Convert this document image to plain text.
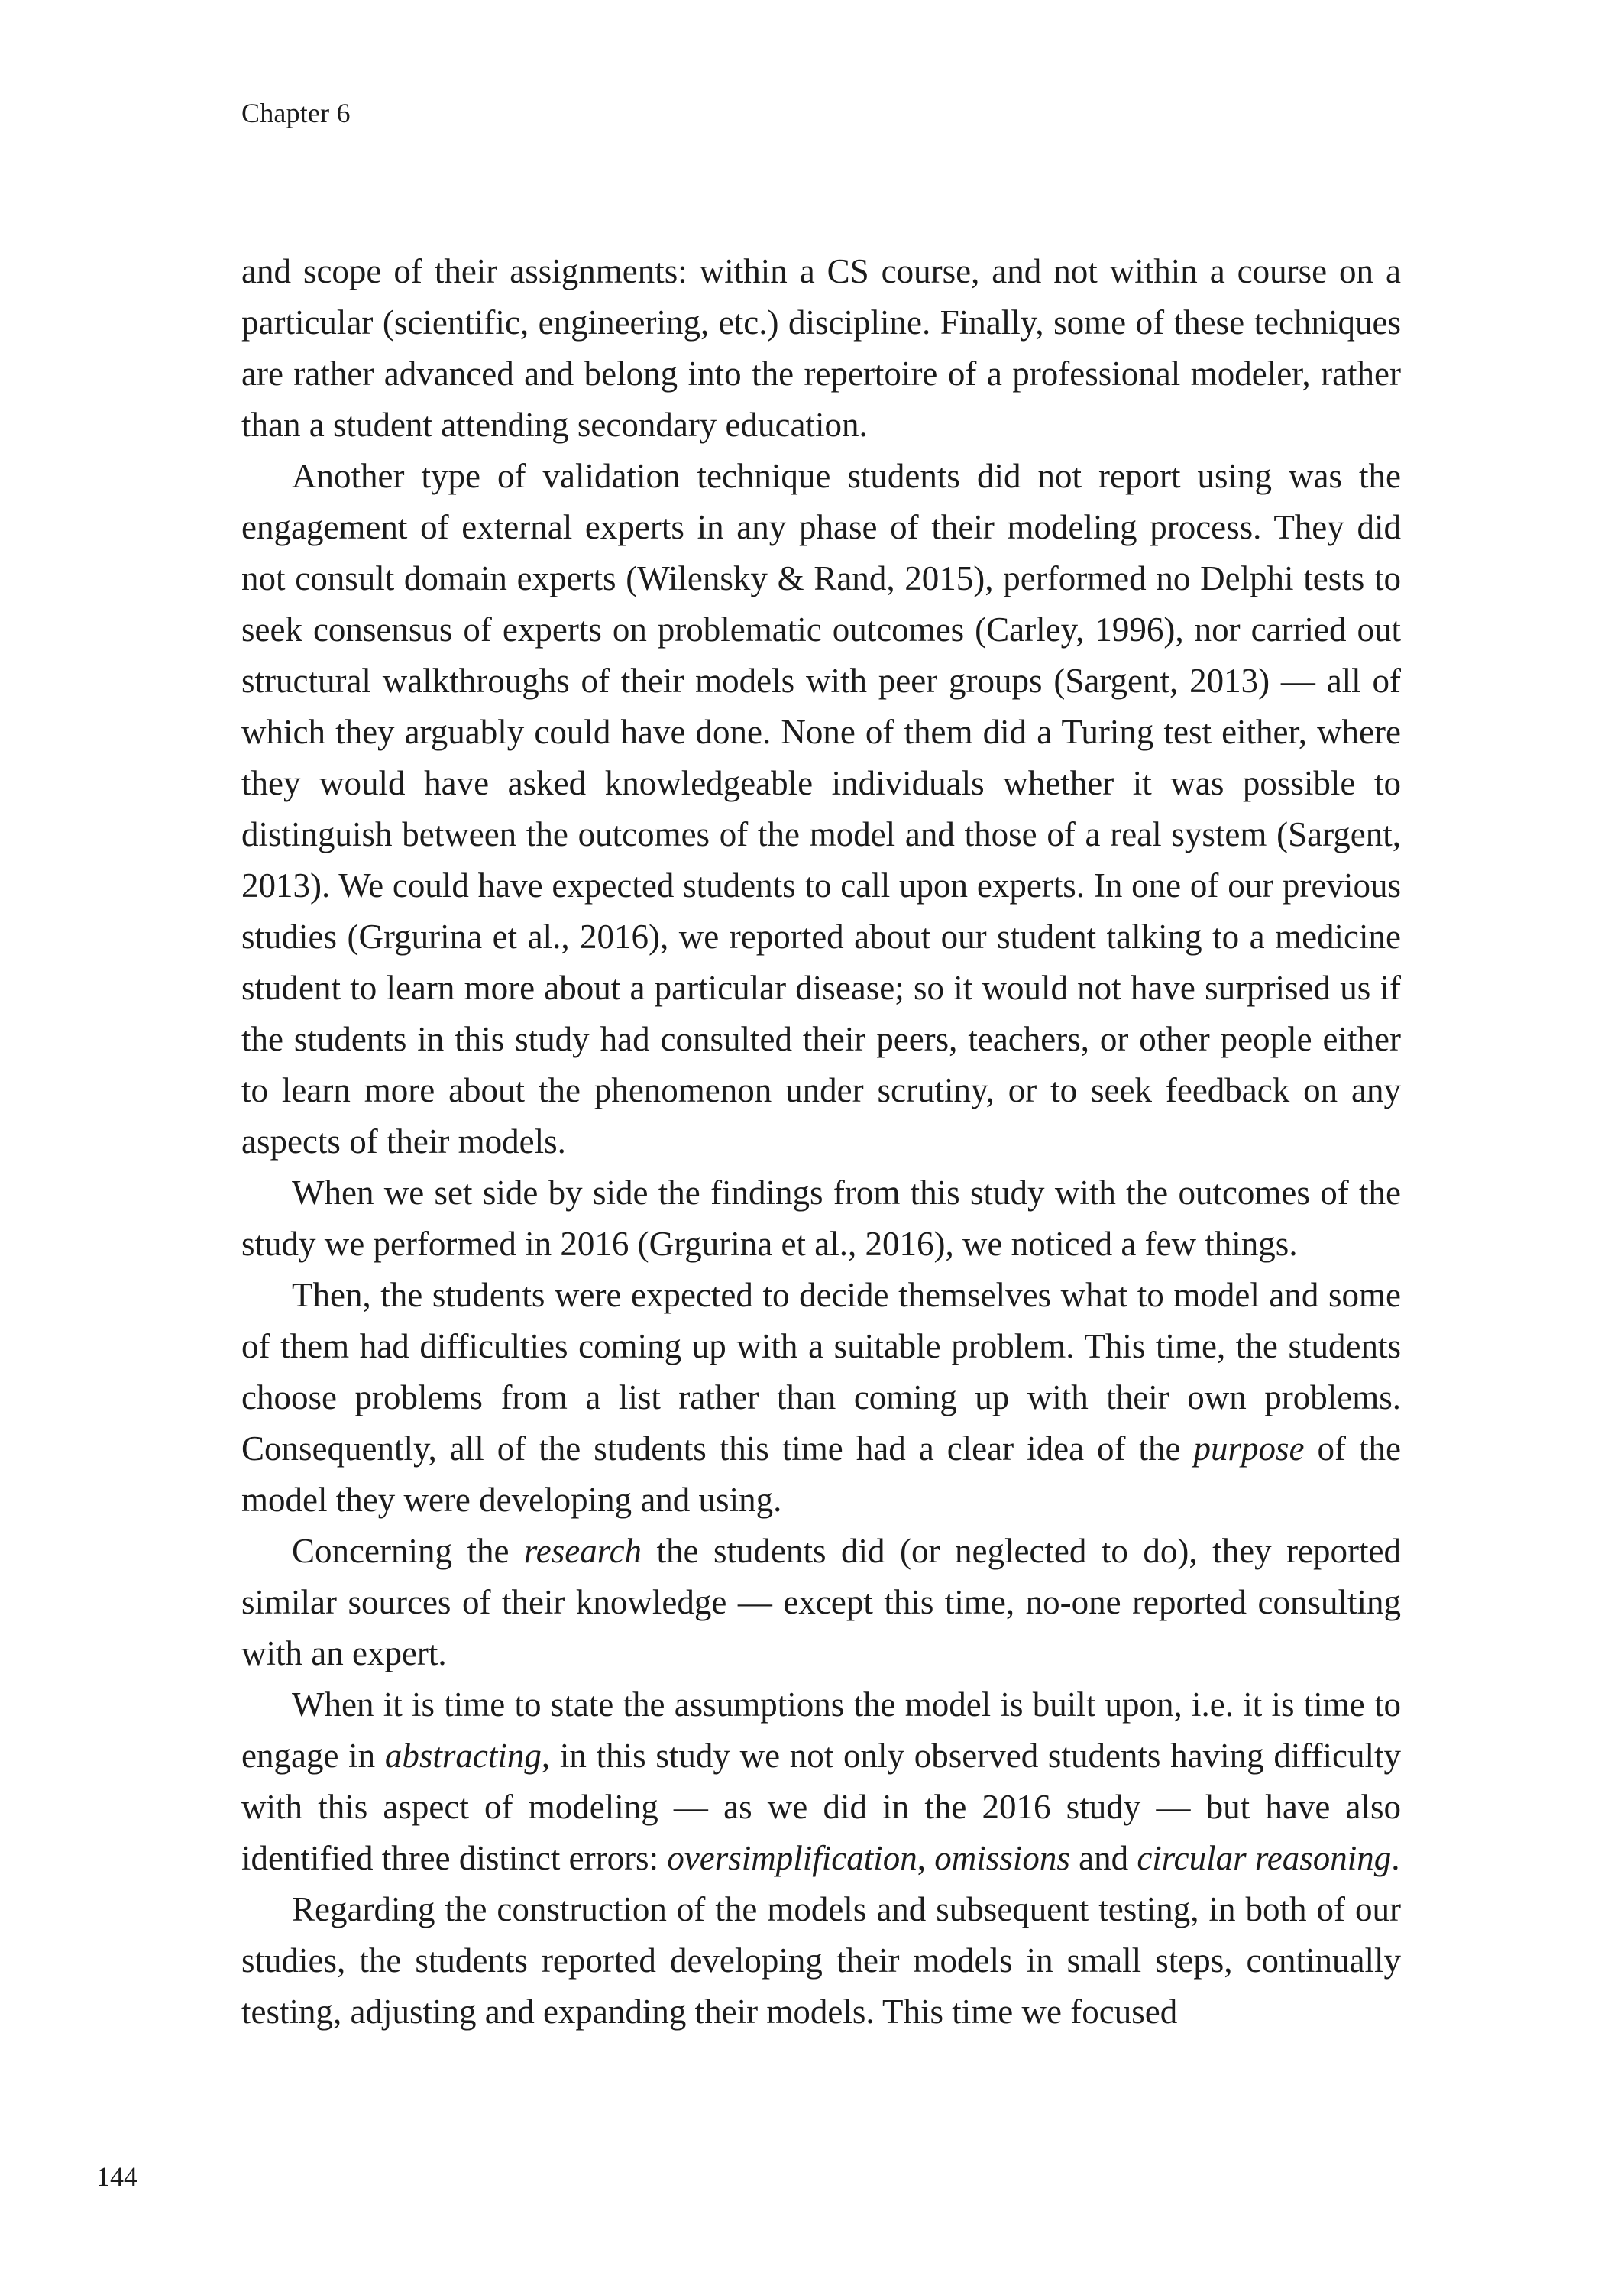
Chapter 6

and scope of their assignments: within a CS course, and not within a course on a particular (scientific, engineering, etc.) discipline. Finally, some of these techniques are rather advanced and belong into the repertoire of a professional modeler, rather than a student attending secondary education.

Another type of validation technique students did not report using was the engagement of external experts in any phase of their modeling process. They did not consult domain experts (Wilensky & Rand, 2015), performed no Delphi tests to seek consensus of experts on problematic outcomes (Carley, 1996), nor carried out structural walkthroughs of their models with peer groups (Sargent, 2013) — all of which they arguably could have done. None of them did a Turing test either, where they would have asked knowledgeable individuals whether it was possible to distinguish between the outcomes of the model and those of a real system (Sargent, 2013). We could have expected students to call upon experts. In one of our previous studies (Grgurina et al., 2016), we reported about our student talking to a medicine student to learn more about a particular disease; so it would not have surprised us if the students in this study had consulted their peers, teachers, or other people either to learn more about the phenomenon under scrutiny, or to seek feedback on any aspects of their models.

When we set side by side the findings from this study with the outcomes of the study we performed in 2016 (Grgurina et al., 2016), we noticed a few things.

Then, the students were expected to decide themselves what to model and some of them had difficulties coming up with a suitable problem. This time, the students choose problems from a list rather than coming up with their own problems. Consequently, all of the students this time had a clear idea of the purpose of the model they were developing and using.

Concerning the research the students did (or neglected to do), they reported similar sources of their knowledge — except this time, no-one reported consulting with an expert.

When it is time to state the assumptions the model is built upon, i.e. it is time to engage in abstracting, in this study we not only observed students having difficulty with this aspect of modeling — as we did in the 2016 study — but have also identified three distinct errors: oversimplification, omissions and circular reasoning.

Regarding the construction of the models and subsequent testing, in both of our studies, the students reported developing their models in small steps, continually testing, adjusting and expanding their models. This time we focused

144
